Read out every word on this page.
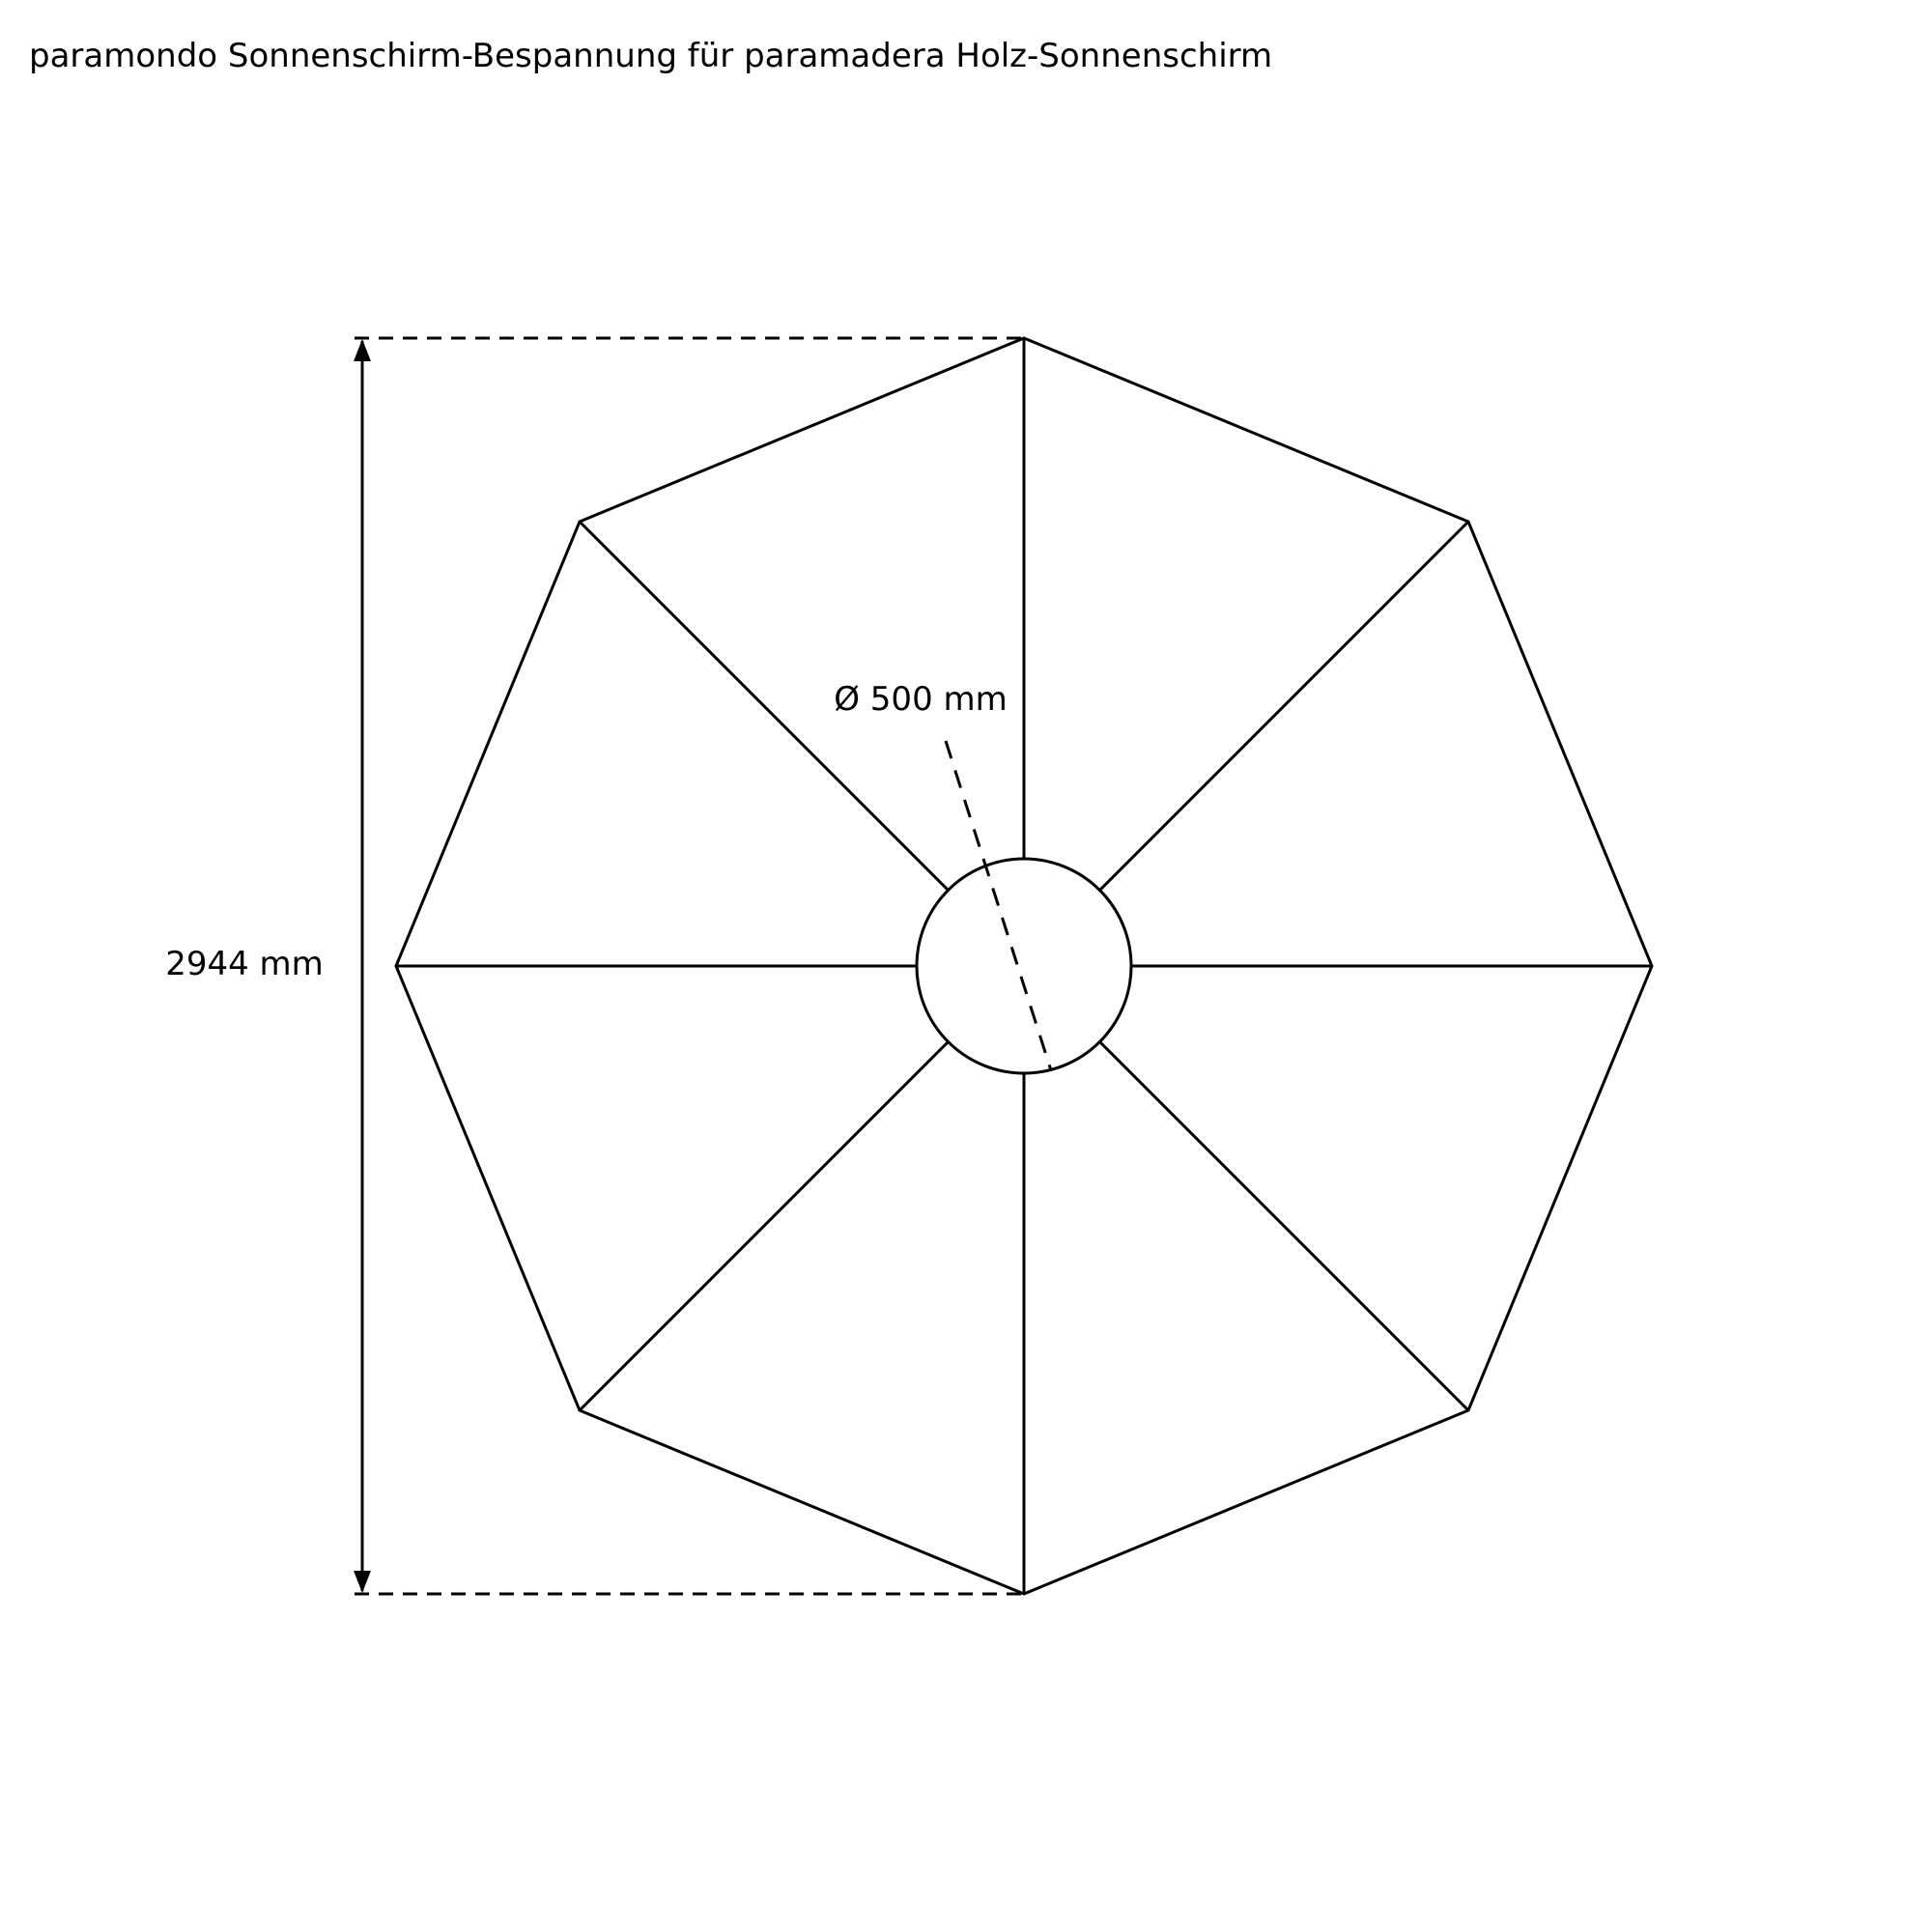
paramondo Sonnenschirm-Bespannung für paramadera Holz-Sonnenschirm
2944 mm
Ø 500 mm
